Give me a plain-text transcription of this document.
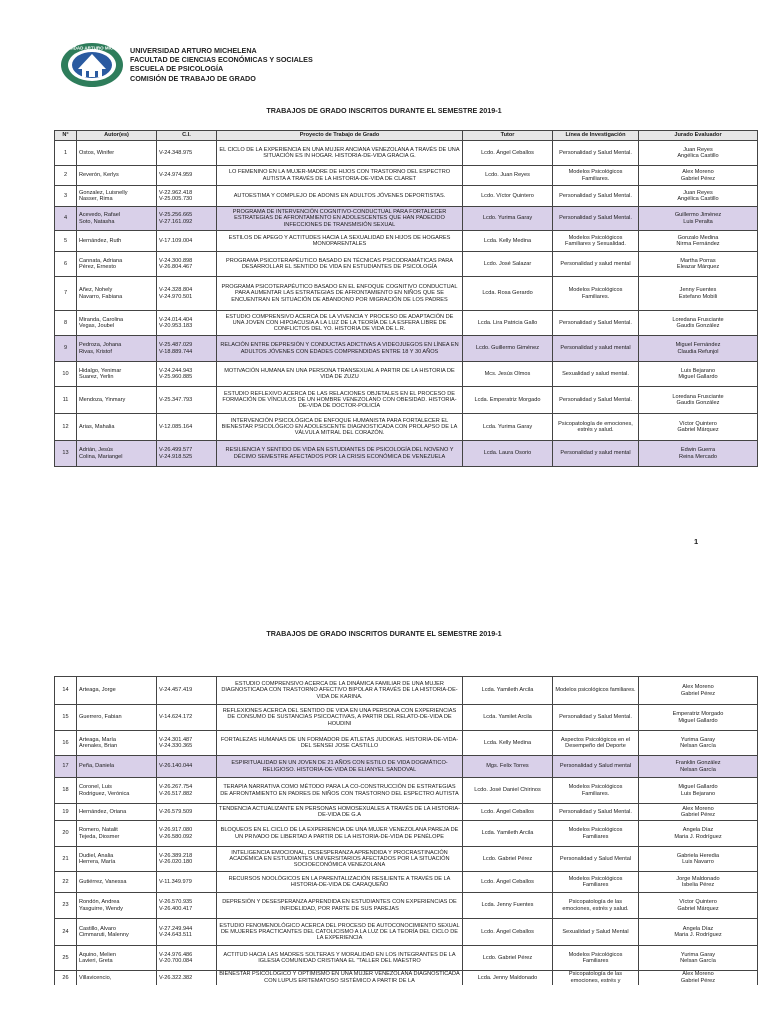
UNIVERSIDAD ARTURO MICHELENA
UNIVERSIDAD ARTURO MICHELENA
FACULTAD DE CIENCIAS ECONÓMICAS Y SOCIALES
ESCUELA DE PSICOLOGÍA
COMISIÓN DE TRABAJO DE GRADO
TRABAJOS DE GRADO INSCRITOS DURANTE EL SEMESTRE 2019-1
N°	Autor(es)	C.I.	Proyecto de Trabajo de Grado	Tutor	Línea de Investigación	Jurado Evaluador
1	Ostos, Winifer	V-24.348.975	EL CICLO DE LA EXPERIENCIA EN UNA MUJER ANCIANA VENEZOLANA A TRAVÉS DE UNA SITUACIÓN ES IN HOGAR. HISTORIA-DE-VIDA GRACIA G.	Lcdo. Ángel Ceballos	Personalidad y Salud Mental.	Juan Reyes
Angélica Castillo
2	Reverón, Kerlys	V-24.974.959	LO FEMENINO EN LA MUJER-MADRE DE HIJOS CON TRASTORNO DEL ESPECTRO AUTISTA A TRAVÉS DE LA HISTORIA-DE-VIDA DE CLARET	Lcdo. Juan Reyes	Modelos Psicológicos Familiares.	Alex Moreno
Gabriel Pérez
3	Gonzalez, Luisnelly
Nasser, Rima	V-22.962.418
V-25.005.730	AUTOESTIMA Y COMPLEJO DE ADONIS EN ADULTOS JÓVENES DEPORTISTAS.	Lcdo. Víctor Quintero	Personalidad y Salud Mental.	Juan Reyes
Angélica Castillo
4	Acevedo, Rafael
Soto, Natasha	V-25.256.665
V-27.161.092	PROGRAMA DE INTERVENCIÓN COGNITIVO-CONDUCTUAL PARA FORTALECER ESTRATEGIAS DE AFRONTAMIENTO EN ADOLESCENTES QUE HAN PADECIDO INFECCIONES DE TRANSMISIÓN SEXUAL	Lcdo. Yurima Garay	Personalidad y Salud Mental.	Guillermo Jiménez
Luis Peralta
5	Hernández, Ruth	V-17.109.004	ESTILOS DE APEGO Y ACTITUDES HACIA LA SEXUALIDAD EN HIJOS DE HOGARES MONOPARENTALES	Lcda. Kelly Medina	Modelos Psicológicos Familiares y Sexualidad.	Gonzalo Medina
Nirma Fernández
6	Cannata, Adriana
Pérez, Ernesto	V-24.300.898
V-26.804.467	PROGRAMA PSICOTERAPÉUTICO BASADO EN TÉCNICAS PSICODRAMÁTICAS PARA DESARROLLAR EL SENTIDO DE VIDA EN ESTUDIANTES DE PSICOLOGÍA	Lcdo. José Salazar	Personalidad y salud mental	Martha Porras
Eleazar Márquez
7	Añez, Nohely
Navarro, Fabiana	V-24.328.804
V-24.970.501	PROGRAMA PSICOTERAPÉUTICO BASADO EN EL ENFOQUE COGNITIVO CONDUCTUAL PARA AUMENTAR LAS ESTRATEGIAS DE AFRONTAMIENTO EN NIÑOS QUE SE ENCUENTRAN EN SITUACIÓN DE ABANDONO POR MIGRACIÓN DE LOS PADRES	Lcda. Rosa Gerardo	Modelos Psicológicos Familiares.	Jenny Fuentes
Estefano Mobili
8	Miranda, Carolina
Vegas, Joubel	V-24.014.404
V-20.953.183	ESTUDIO COMPRENSIVO ACERCA DE LA VIVENCIA Y PROCESO DE ADAPTACIÓN DE UNA JOVEN CON HIPOACUSIA A LA LUZ DE LA TEORÍA DE LA ESFERA LIBRE DE CONFLICTOS DEL YO. HISTORIA DE VIDA DE L.R.	Lcda. Lira Patricia Gallo	Personalidad y Salud Mental.	Loredana Frusciante
Gaudis González
9	Pedroza, Johana
Rivas, Kristof	V-25.487.029
V-18.889.744	RELACIÓN ENTRE DEPRESIÓN Y CONDUCTAS ADICTIVAS A VIDEOJUEGOS EN LÍNEA EN ADULTOS JÓVENES CON EDADES COMPRENDIDAS ENTRE 18 Y 30 AÑOS	Lcdo. Guillermo Giménez	Personalidad y salud mental	Miguel Fernández
Claudia Refunjol
10	Hidalgo, Yenimar
Suarez, Yerlin	V-24.244.943
V-25.960.885	MOTIVACIÓN HUMANA EN UNA PERSONA TRANSEXUAL A PARTIR DE LA HISTORIA DE VIDA DE ZUZU	Mcs. Jesús Olmos	Sexualidad y salud mental.	Luis Bejarano
Miguel Gallardo
11	Mendoza, Yinmary	V-25.347.793	ESTUDIO REFLEXIVO ACERCA DE LAS RELACIONES OBJETALES EN EL PROCESO DE FORMACIÓN DE VÍNCULOS DE UN HOMBRE VENEZOLANO CON OBESIDAD. HISTORIA-DE-VIDA DE DOCTOR-POLICÍA	Lcda. Emperatriz Morgado	Personalidad y Salud Mental.	Loredana Frusciante
Gaudis González
12	Arias, Mahalia	V-12.085.164	INTERVENCIÓN PSICOLÓGICA DE ENFOQUE HUMANISTA PARA FORTALECER EL BIENESTAR PSICOLÓGICO EN ADOLESCENTE DIAGNOSTICADA CON PROLAPSO DE LA VÁLVULA MITRAL DEL CORAZÓN.	Lcda. Yurima Garay	Psicopatología de emociones, estrés y salud.	Víctor Quintero
Gabriel Márquez
13	Adrián, Jesús
Colina, Mariangel	V-26.499.577
V-24.918.525	RESILIENCIA Y SENTIDO DE VIDA EN ESTUDIANTES DE PSICOLOGÍA DEL NOVENO Y DÉCIMO SEMESTRE AFECTADOS POR LA CRISIS ECONÓMICA DE VENEZUELA	Lcda. Laura Osorio	Personalidad y salud mental	Edwin Guerra
Reina Mercado
1
TRABAJOS DE GRADO INSCRITOS DURANTE EL SEMESTRE 2019-1
14	Arteaga, Jorge	V-24.457.419	ESTUDIO COMPRENSIVO ACERCA DE LA DINÁMICA FAMILIAR DE UNA MUJER DIAGNOSTICADA CON TRASTORNO AFECTIVO BIPOLAR A TRAVÉS DE LA HISTORIA-DE-VIDA DE KARINA.	Lcda. Yamileth Arcila	Modelos psicológicos familiares.	Alex Moreno
Gabriel Pérez
15	Guerrero, Fabian	V-14.624.172	REFLEXIONES ACERCA DEL SENTIDO DE VIDA EN UNA PERSONA CON EXPERIENCIAS DE CONSUMO DE SUSTANCIAS PSICOACTIVAS, A PARTIR DEL RELATO-DE-VIDA DE HOUDINI	Lcda. Yamilet Arcila	Personalidad y Salud Mental.	Emperatriz Morgado
Miguel Gallardo
16	Arteaga, María
Arenales, Brian	V-24.301.487
V-24.330.365	FORTALEZAS HUMANAS DE UN FORMADOR DE ATLETAS JUDOKAS. HISTORIA-DE-VIDA-DEL SENSEI JOSE CASTILLO	Lcda. Kelly Medina	Aspectos Psicológicos en el Desempeño del Deporte	Yurima Garay
Nelsan García
17	Peña, Daniela	V-26.140.044	ESPIRITUALIDAD EN UN JOVEN DE 21 AÑOS CON ESTILO DE VIDA DOGMÁTICO-RELIGIOSO. HISTORIA-DE-VIDA DE ELIANYEL SANDOVAL	Mgs. Felix Torres	Personalidad y Salud mental	Franklin González
Nelsan García
18	Coronel, Luis
Rodriguez, Verónica	V-26.267.754
V-26.517.882	TERAPIA NARRATIVA COMO MÉTODO PARA LA CO-CONSTRUCCIÓN DE ESTRATEGIAS DE AFRONTAMIENTO EN PADRES DE NIÑOS CON TRASTORNO DEL ESPECTRO AUTISTA	Lcdo. José Daniel Chirinos	Modelos Psicológicos Familiares.	Miguel Gallardo
Luis Bejarano
19	Hernández, Oriana	V-26.579.509	TENDENCIA ACTUALIZANTE EN PERSONAS HOMOSEXUALES A TRAVÉS DE LA HISTORIA-DE-VIDA DE G.A	Lcdo. Ángel Ceballos	Personalidad y Salud Mental.	Alex Moreno
Gabriel Pérez
20	Romero, Natalit
Tejeda, Diosmer	V-26.917.080
V-26.580.092	BLOQUEOS EN EL CICLO DE LA EXPERIENCIA DE UNA MUJER VENEZOLANA PAREJA DE UN PRIVADO DE LIBERTAD A PARTIR DE LA HISTORIA-DE-VIDA DE PENÉLOPE	Lcda. Yamileth Arcila	Modelos Psicológicos Familiares	Angela Díaz
Maria J. Rodríguez
21	Dudiel, Analia
Herrera, María	V-26.389.218
V-26.020.180	INTELIGENCIA EMOCIONAL, DESESPERANZA APRENDIDA Y PROCRASTINACIÓN ACADÉMICA EN ESTUDIANTES UNIVERSITARIOS AFECTADOS POR LA SITUACIÓN SOCIOECONÓMICA VENEZOLANA	Lcdo. Gabriel Pérez	Personalidad y Salud Mental	Gabriela Heredia
Luis Navarro
22	Gutiérrez, Vanessa	V-11.349.979	RECURSOS NOOLÓGICOS EN LA PARENTALIZACIÓN RESILIENTE A TRAVÉS DE LA HISTORIA-DE-VIDA DE CARAQUEÑO	Lcdo. Ángel Ceballos	Modelos Psicológicos Familiares	Jorge Maldonado
Isbelia Pérez
23	Rondón, Andrea
Yasguirre, Wendy	V-26.570.935
V-26.400.417	DEPRESIÓN Y DESESPERANZA APRENDIDA EN ESTUDIANTES CON EXPERIENCIAS DE INFIDELIDAD, POR PARTE DE SUS PAREJAS	Lcda. Jenny Fuentes	Psicopatología de las emociones, estrés y salud.	Víctor Quintero
Gabriel Márquez
24	Castillo, Alvaro
Cimmaruti, Malenny	V-27.249.944
V-24.643.511	ESTUDIO FENOMENOLÓGICO ACERCA DEL PROCESO DE AUTOCONOCIMIENTO SEXUAL DE MUJERES PRACTICANTES DEL CATOLICISMO A LA LUZ DE LA TEORÍA DEL CICLO DE LA EXPERIENCIA	Lcdo. Ángel Ceballos	Sexualidad y Salud Mental	Angela Díaz
Maria J. Rodríguez
25	Aquino, Melien
Lavieri, Greta	V-24.976.486
V-20.700.084	ACTITUD HACIA LAS MADRES SOLTERAS Y MORALIDAD EN LOS INTEGRANTES DE LA IGLESIA COMUNIDAD CRISTIANA EL "TALLER DEL MAESTRO	Lcdo. Gabriel Pérez	Modelos Psicológicos Familiares	Yurima Garay
Nelsan García
26	Villavicencio,	V-26.322.382	BIENESTAR PSICOLÓGICO Y OPTIMISMO EN UNA MUJER VENEZOLANA DIAGNOSTICADA CON LUPUS ERITEMATOSO SISTÉMICO A PARTIR DE LA	Lcda. Jenny Maldonado	Psicopatología de las emociones, estrés y	Alex Moreno
Gabriel Pérez
